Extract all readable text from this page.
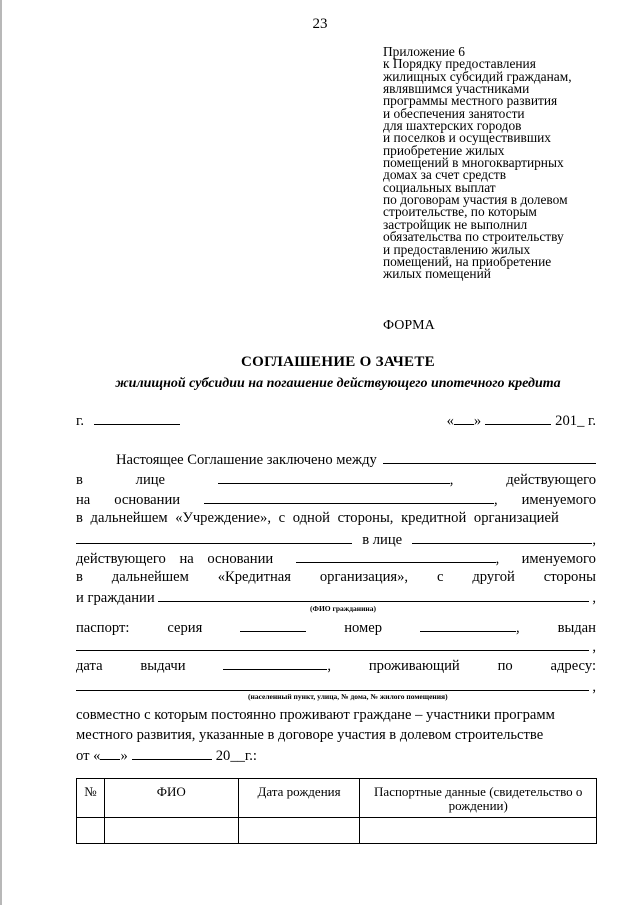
23
Приложение 6
к Порядку предоставления
жилищных субсидий гражданам,
являвшимся участниками
программы местного развития
и обеспечения занятости
для шахтерских городов
и поселков и осуществивших
приобретение жилых
помещений в многоквартирных
домах за счет средств
социальных выплат
по договорам участия в долевом
строительстве, по которым
застройщик не выполнил
обязательства по строительству
и предоставлению жилых
помещений, на приобретение
жилых помещений
ФОРМА
СОГЛАШЕНИЕ О ЗАЧЕТЕ
жилищной субсидии на погашение действующего ипотечного кредита
г.	« »	201_ г.
Настоящее Соглашение заключено между
в	лице	,	действующего
на основании	, именуемого
в дальнейшем «Учреждение», с одной стороны, кредитной организацией
в лице	,
действующего на основании	, именуемого
в дальнейшем «Кредитная организация», с другой стороны
и граждании	,
(ФИО гражданина)
паспорт:	серия	номер	,	выдан
,
дата	выдачи	,	проживающий	по	адресу:
,
(населенный пункт, улица, № дома, № жилого помещения)
совместно с которым постоянно проживают граждане – участники программ
местного развития, указанные в договоре участия в долевом строительстве
от « »	20__г.:
№	ФИО	Дата рождения	Паспортные данные (свидетельство о рождении)
